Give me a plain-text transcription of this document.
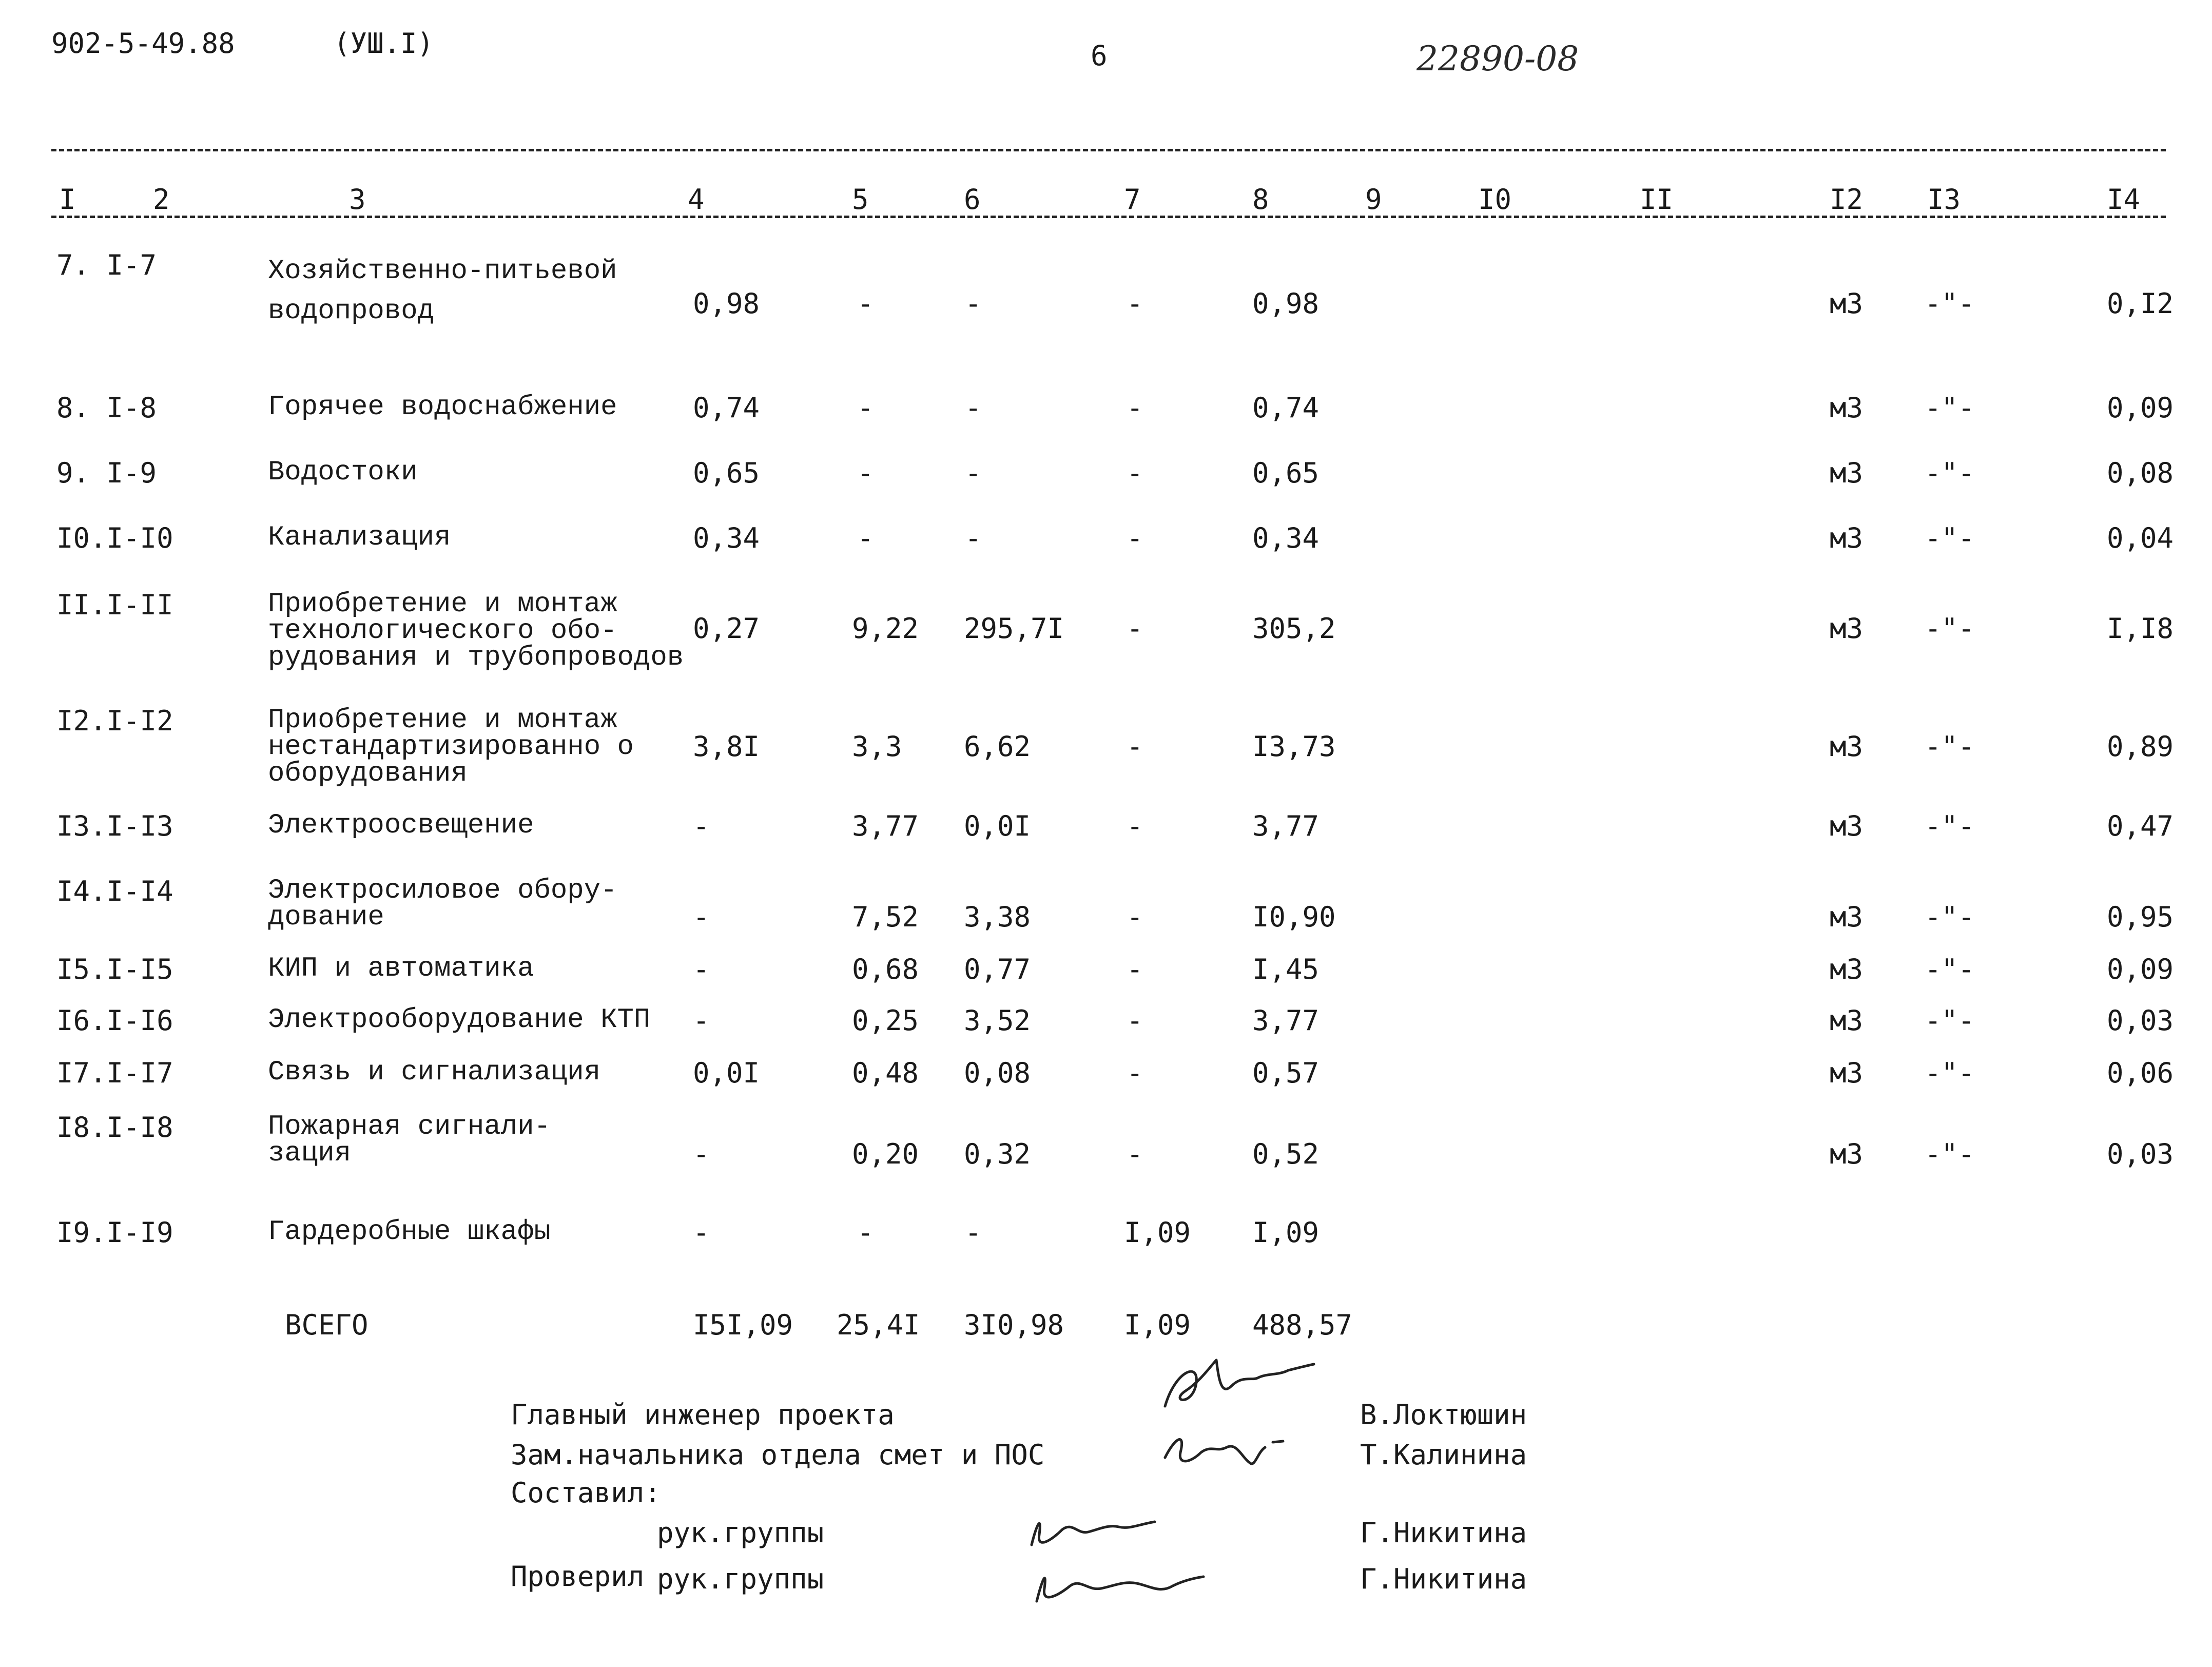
902-5-49.88	(УШ.I)	6	22890-08
I	2	3	4	5	6	7	8	9	I0	II	I2 I3	I4
7. I-7	Хозяйственно-питьевой
водопровод	0,98	-	-	-	0,98	м3 -"-	0,I2
8. I-8	Горячее водоснабжение	0,74	-	-	-	0,74	м3 -"-	0,09
9. I-9	Водостоки	0,65	-	-	-	0,65	м3 -"-	0,08
I0.I-I0	Канализация	0,34	-	-	-	0,34	м3 -"-	0,04
II.I-II	Приобретение и монтаж
технологического обо-
рудования и трубопроводов
0,27	9,22 295,7I -	305,2	м3 -"-	I,I8
I2.I-I2	Приобретение и монтаж
нестандартизированно о
оборудования
3,8I	3,3 6,62	-	I3,73	м3 -"-	0,89
I3.I-I3	Электроосвещение	-	3,77 0,0I	-	3,77	м3 -"-	0,47
I4.I-I4	Электросиловое обору-
дование	-	7,52 3,38	-	I0,90	м3 -"-	0,95
I5.I-I5	КИП и автоматика	-	0,68 0,77	-	I,45	м3 -"-	0,09
I6.I-I6	Электрооборудование КТП -	0,25 3,52	-	3,77	м3 -"-	0,03
I7.I-I7	Связь и сигнализация	0,0I	0,48 0,08	-	0,57	м3 -"-	0,06
I8.I-I8	Пожарная сигнали-
зация	-	0,20 0,32	-	0,52	м3 -"-	0,03
I9.I-I9	Гардеробные шкафы	-	-	-	I,09 I,09
ВСЕГО	I5I,09 25,4I 3I0,98 I,09 488,57
Главный инженер проекта	В.Локтюшин
Зам.начальника отдела смет и ПОС	Т.Калинина
Составил:
рук.группы	Г.Никитина
Проверил рук.группы	Г.Никитина
